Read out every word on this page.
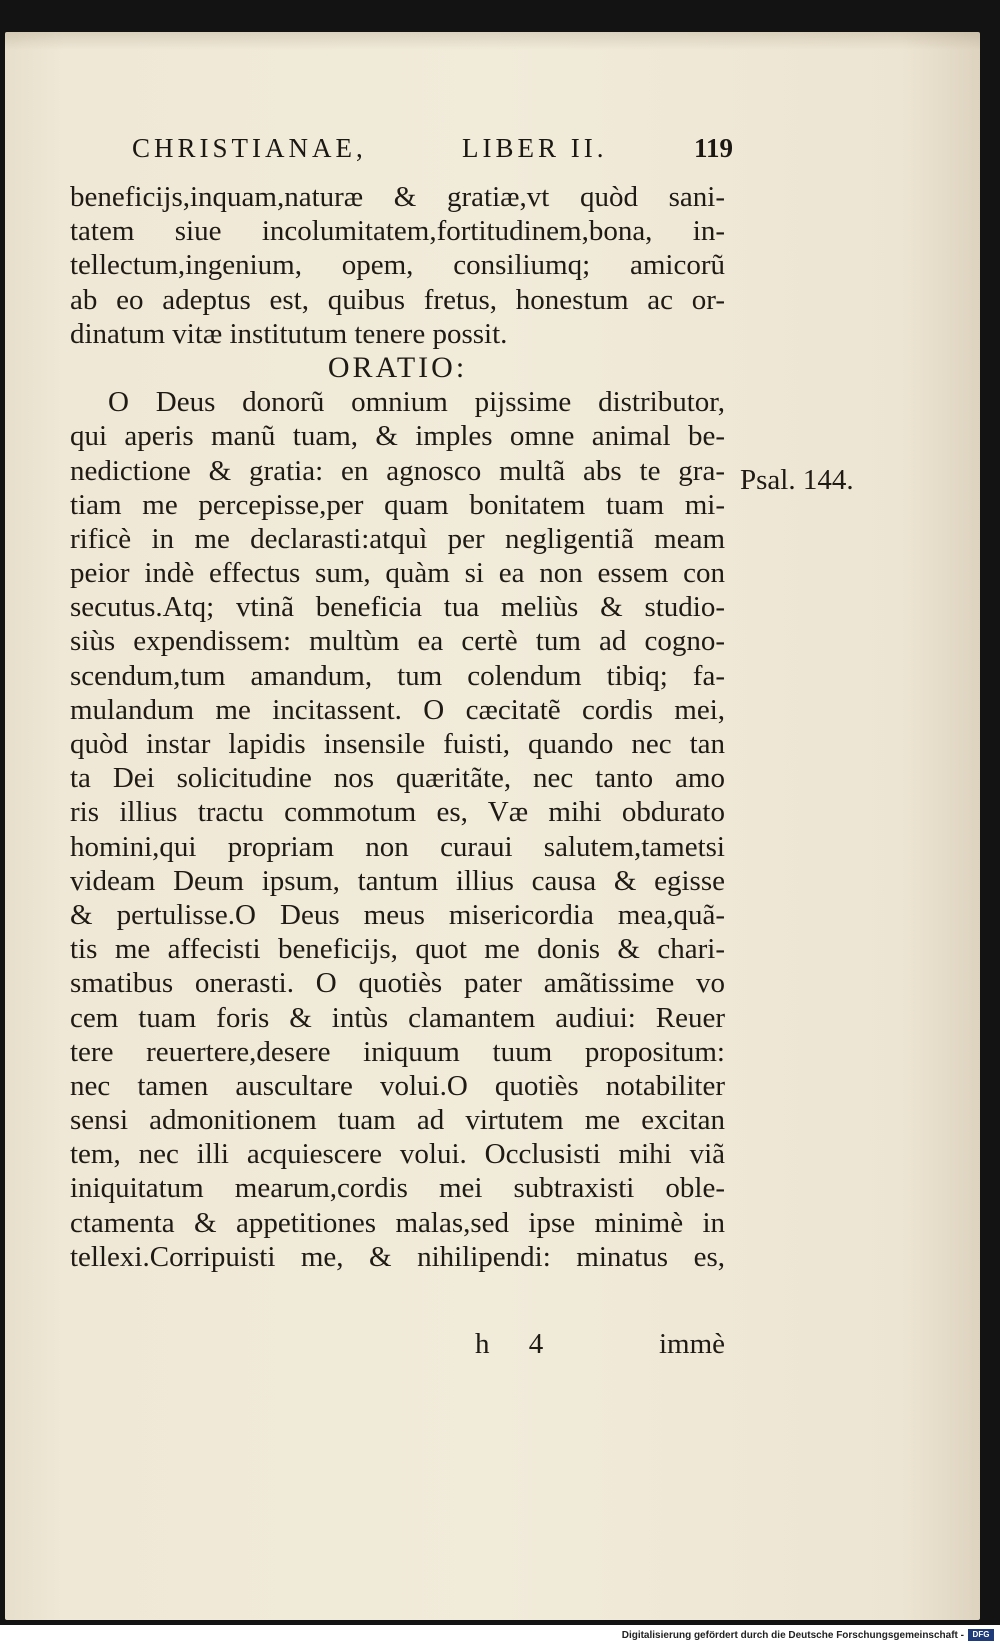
CHRISTIANAE,	LIBER II.	119
beneficijs,inquam,naturæ & gratiæ,vt quòd sani-
tatem siue incolumitatem,fortitudinem,bona, in-
tellectum,ingenium, opem, consiliumq; amicorũ
ab eo adeptus est, quibus fretus, honestum ac or-
dinatum vitæ institutum tenere possit.
ORATIO:
O Deus donorũ omnium pijssime distributor,
qui aperis manũ tuam, & imples omne animal be-
nedictione & gratia: en agnosco multã abs te gra-
tiam me percepisse,per quam bonitatem tuam mi-
rificè in me declarasti:atquì per negligentiã meam
peior indè effectus sum, quàm si ea non essem con
secutus.Atq; vtinã beneficia tua meliùs & studio-
siùs expendissem: multùm ea certè tum ad cogno-
scendum,tum amandum, tum colendum tibiq; fa-
mulandum me incitassent. O cæcitatẽ cordis mei,
quòd instar lapidis insensile fuisti, quando nec tan
ta Dei solicitudine nos quæritãte, nec tanto amo
ris illius tractu commotum es, Væ mihi obdurato
homini,qui propriam non curaui salutem,tametsi
videam Deum ipsum, tantum illius causa & egisse
& pertulisse.O Deus meus misericordia mea,quã-
tis me affecisti beneficijs, quot me donis & chari-
smatibus onerasti. O quotiès pater amãtissime vo
cem tuam foris & intùs clamantem audiui: Reuer
tere reuertere,desere iniquum tuum propositum:
nec tamen auscultare volui.O quotiès notabiliter
sensi admonitionem tuam ad virtutem me excitan
tem, nec illi acquiescere volui. Occlusisti mihi viã
iniquitatum mearum,cordis mei subtraxisti oble-
ctamenta & appetitiones malas,sed ipse minimè in
tellexi.Corripuisti me, & nihilipendi: minatus es,
Psal. 144.
h 4	immè
Digitalisierung gefördert durch die Deutsche Forschungsgemeinschaft -	DFG
